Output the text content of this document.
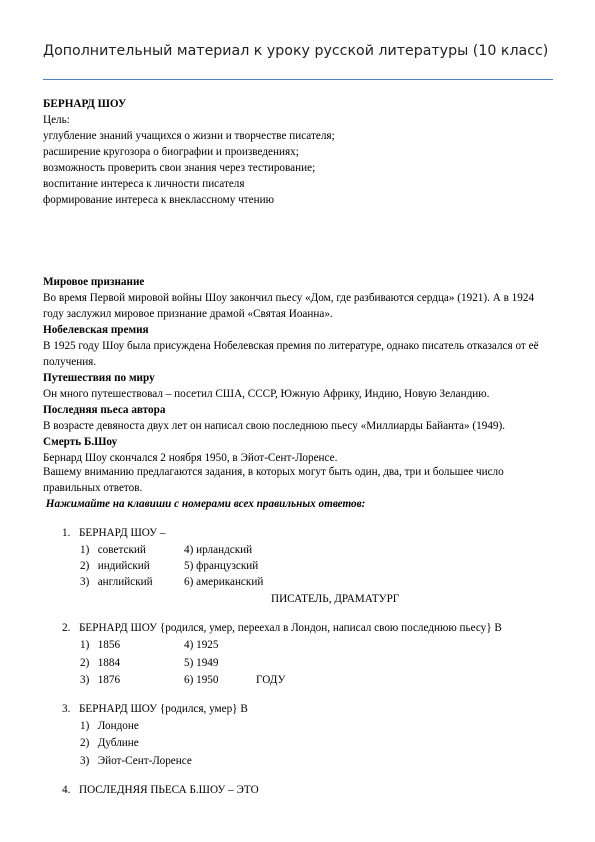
Дополнительный материал к уроку русской литературы (10 класс)
БЕРНАРД ШОУ
Цель:
углубление знаний учащихся о жизни и творчестве писателя;
расширение кругозора о биографии и произведениях;
возможность проверить свои знания через тестирование;
воспитание интереса к личности писателя
формирование интереса к внеклассному чтению
Мировое признание
Во время Первой мировой войны Шоу закончил пьесу «Дом, где разбиваются сердца» (1921). А в 1924 году заслужил мировое признание драмой «Святая Иоанна».
Нобелевская премия
В 1925 году Шоу была присуждена Нобелевская премия по литературе, однако писатель отказался от её получения.
Путешествия по миру
Он много путешествовал – посетил США, СССР, Южную Африку, Индию, Новую Зеландию.
Последняя пьеса автора
В возрасте девяноста двух лет он написал свою последнюю пьесу «Миллиарды Байанта» (1949).
Смерть Б.Шоу
Бернард Шоу скончался 2 ноября 1950, в Эйот-Сент-Лоренсе.
Вашему вниманию предлагаются задания, в которых могут быть один, два, три и большее число правильных ответов.
Нажимайте на клавиши с номерами всех правильных ответов:
1. БЕРНАРД ШОУ –
1)   советский
2)   индийский
3)   английский
4) ирландский
5) французский
6) американский
ПИСАТЕЛЬ, ДРАМАТУРГ
2. БЕРНАРД ШОУ {родился, умер, переехал в Лондон, написал свою последнюю пьесу} В
1)   1856
2)   1884
3)   1876
4) 1925
5) 1949
6) 1950	ГОДУ
3. БЕРНАРД ШОУ {родился, умер} В
1)   Лондоне
2)   Дублине
3)   Эйот-Сент-Лоренсе
4. ПОСЛЕДНЯЯ ПЬЕСА Б.ШОУ – ЭТО
